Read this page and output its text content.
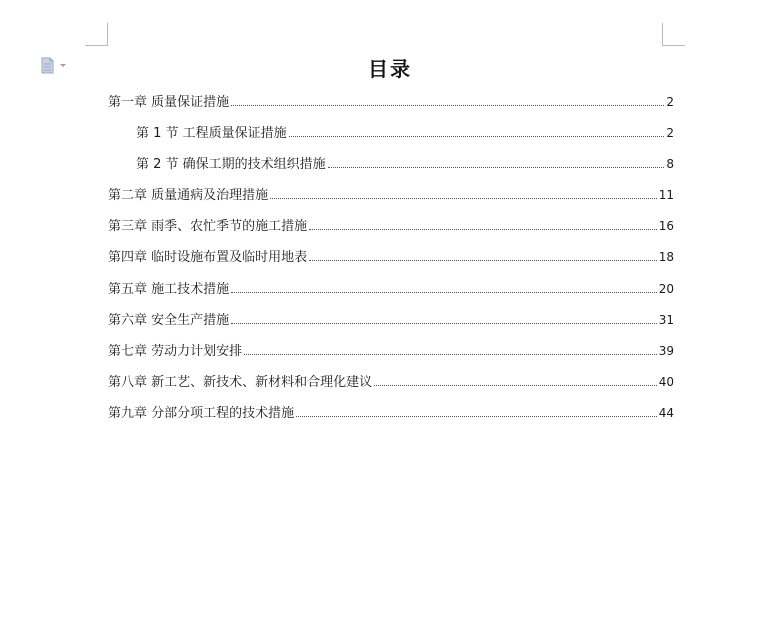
目录
第一章 质量保证措施	2
第 1 节 工程质量保证措施	2
第 2 节 确保工期的技术组织措施	8
第二章 质量通病及治理措施	11
第三章 雨季、农忙季节的施工措施	16
第四章 临时设施布置及临时用地表	18
第五章 施工技术措施	20
第六章 安全生产措施	31
第七章 劳动力计划安排	39
第八章 新工艺、新技术、新材料和合理化建议	40
第九章 分部分项工程的技术措施	44
